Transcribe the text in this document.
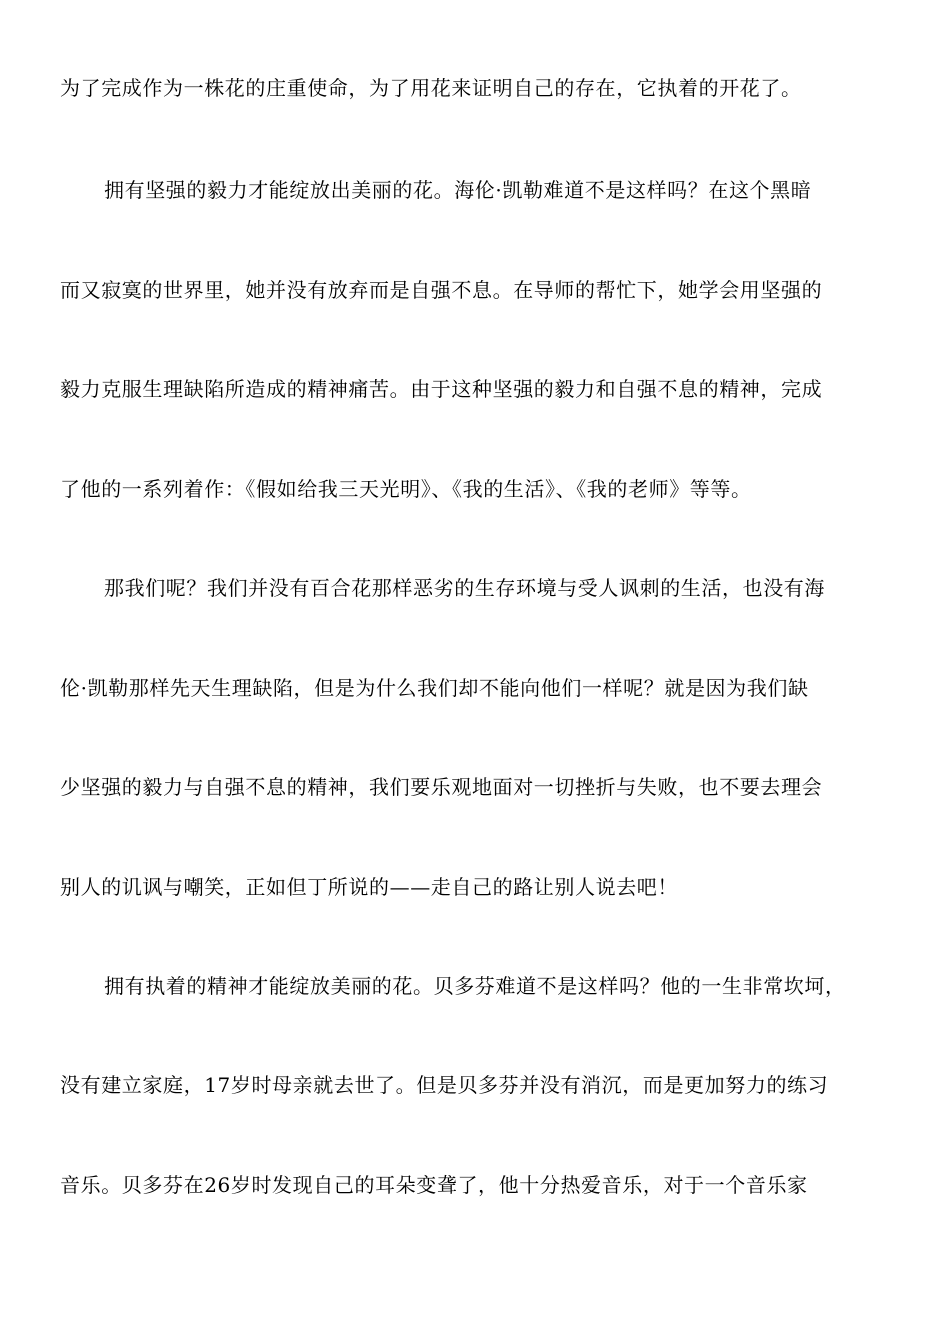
为了完成作为一株花的庄重使命，为了用花来证明自己的存在，它执着的开花了。
拥有坚强的毅力才能绽放出美丽的花。海伦·凯勒难道不是这样吗？在这个黑暗
而又寂寞的世界里，她并没有放弃而是自强不息。在导师的帮忙下，她学会用坚强的
毅力克服生理缺陷所造成的精神痛苦。由于这种坚强的毅力和自强不息的精神，完成
了他的一系列着作：《假如给我三天光明》、《我的生活》、《我的老师》等等。
那我们呢？我们并没有百合花那样恶劣的生存环境与受人讽刺的生活，也没有海
伦·凯勒那样先天生理缺陷，但是为什么我们却不能向他们一样呢？就是因为我们缺
少坚强的毅力与自强不息的精神，我们要乐观地面对一切挫折与失败，也不要去理会
别人的讥讽与嘲笑，正如但丁所说的——走自己的路让别人说去吧！
拥有执着的精神才能绽放美丽的花。贝多芬难道不是这样吗？他的一生非常坎坷，
没有建立家庭，17岁时母亲就去世了。但是贝多芬并没有消沉，而是更加努力的练习
音乐。贝多芬在26岁时发现自己的耳朵变聋了，他十分热爱音乐，对于一个音乐家
